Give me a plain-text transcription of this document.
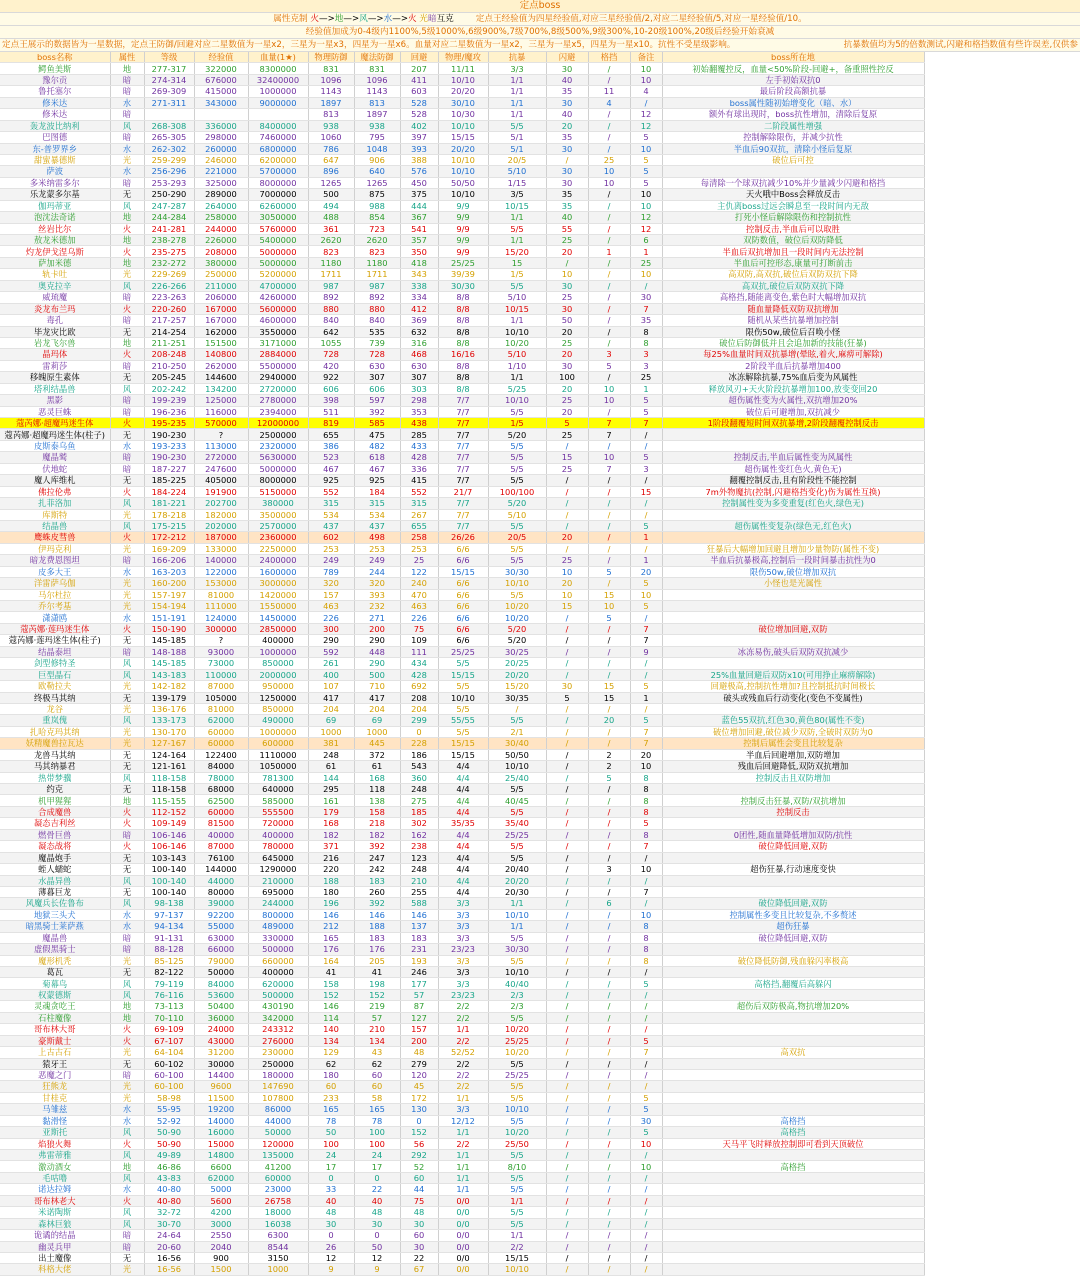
定点boss
属性克制 火—>地—>风—>水—>火 光暗互克	定点王经验值为四星经验值,对应三星经验值/2,对应二星经验值/5,对应一星经验值/10。
经验值加成为0-4级内1100%,5级1000%,6级900%,7级700%,8级500%,9级300%,10-20级100%,20级后经验开始衰减
定点王展示的数据皆为一星数据，定点王防御/回避对应二星数值为一星x2，三星为一星x3，四星为一星x6。血量对应二星数值为一星x2，三星为一星x5，四星为一星x10。抗性不受星级影响。	抗暴数值均为5的倍数测试,闪避和格挡数值有些许误差,仅供参
boss名称	属性	等级	经验值	血量(1★)	物理防御	魔法防御	回避	物理/魔攻	抗暴	闪避	格挡	备注	boss所在地
鳄鱼美斯	地	277-317	322000	8300000	831	831	207	11/11	3/3	30	/	10	初始翻覆控反，血量<50%阶段-回避+，备重照性控反
豫尔贡	暗	274-314	676000	32400000	1096	1096	411	10/10	1/1	40	/	10	左手初始双抗0
鲁托塞尔	暗	269-309	415000	1000000	1143	1143	603	20/20	1/1	35	11	4	最后阶段高额抗暴
修米达	水	271-311	343000	9000000	1897	813	528	30/10	1/1	30	4	/	boss属性随初始增变化（暗、水）
修米达	暗				813	1897	528	10/30	1/1	40	/	12	额外有球出现时，boss抗性增加，清除后复原
轰龙波比纳利	风	268-308	336000	8400000	938	938	402	10/10	5/5	20	/	12	二阶段属性增强
巴图德	暗	265-305	298000	7460000	1060	795	397	15/15	5/1	35	/	5	控制解除限伤，并减少抗性
东-普罗界乡	水	262-302	260000	6800000	786	1048	393	20/20	5/1	30	/	10	半血后90双抗，清除小怪后复原
甜蜜暴德斯	光	259-299	246000	6200000	647	906	388	10/10	20/5	/	25	5	破位后可控
萨波	水	256-296	221000	5700000	896	640	576	10/10	5/10	30	10	5	
多米纳雷多尔	暗	253-293	325000	8000000	1265	1265	450	50/50	1/15	30	10	5	每清除一个球双抗减少10%并少量减少闪避和格挡
乐龙蒙多尔基	无	250-290	289000	7000000	500	875	375	10/10	3/5	35	/	10	天火哦中Boss会释放反击
伽玛蒂亚	风	247-287	264000	6260000	494	988	444	9/9	10/15	35	/	10	主仇离boss过远会瞬息至一段时间内无敌
泡沈法奇诺	地	244-284	258000	3050000	488	854	367	9/9	1/1	40	/	12	打死小怪后解除限伤和控制抗性
丝岩比尔	火	241-281	244000	5760000	361	723	541	9/9	5/5	55	/	12	控制反击,半血后可以取胜
敖龙米德加	地	238-278	226000	5400000	2620	2620	357	9/9	1/1	25	/	6	双防数值，破位后双防降低
灼龙伊戈涅乌斯	火	235-275	208000	5000000	823	823	350	9/9	15/20	20	1	1	半血后双抗增加且一段时间内无法控制
萨加米德	地	232-272	380000	5000000	1180	1180	418	25/25	15	/	/	25	半血后可控形态,康量可打断前击
轨卡吐	光	229-269	250000	5200000	1711	1711	343	39/39	1/5	10	/	10	高双防,高双抗,破位后双防双抗下降
奥克拉辛	风	226-266	211000	4700000	987	987	338	30/30	5/5	30	/	/	高双抗,破位后双防双抗下降
威琉魔	暗	223-263	206000	4260000	892	892	334	8/8	5/10	25	/	30	高格挡,随能离变色,紫色时大幅增加双抗
炎龙布兰玛	火	220-260	167000	5600000	880	880	412	8/8	10/15	30	/	7	随血量降低双防双抗增加
毒孔	暗	217-257	167000	4600000	840	840	369	8/8	1/1	50	/	35	随机从某些抗暴增加控制
毕龙灾比欧	无	214-254	162000	3550000	642	535	632	8/8	10/10	20	/	8	限伤50w,破位后召唤小怪
岩龙飞尔兽	地	211-251	151500	3171000	1055	739	316	8/8	10/20	25	/	8	破位后防御低并且会追加新的技能(狂暴)
晶玛体	火	208-248	140800	2884000	728	728	468	16/16	5/10	20	3	3	每25%血量时间双抗暴增(晕眩,着火,麻痹可解除)
雷莉莎	暗	210-250	262000	5500000	420	630	630	8/8	1/10	30	5	3	2阶段半血后抗暴增加400
移魄原生素体	无	205-245	144600	2940000	922	307	307	8/8	1/1	100	/	25	冰冻解除抗暴,75%血后变为风属性
塔利结晶兽	风	202-242	134200	2720000	606	606	303	8/8	5/25	20	10	1	释放风刃+天火阶段抗暴增加100,放变变回20
黑影	暗	199-239	125000	2780000	398	597	298	7/7	10/10	25	10	5	超伤属性变为火属性,双抗增加20%
恶灵巨蛛	暗	196-236	116000	2394000	511	392	353	7/7	5/5	20	/	5	破位后可避增加,双抗减少
蔻芮娜·超魔玛迷生体	火	195-235	570000	12000000	819	585	438	7/7	1/5	5	7	7	1阶段翻覆短时间双抗暴增,2阶段翻覆控制反击
蔻芮娜·超魔玛迷生体(柱子)	无	190-230	?	2500000	655	475	285	7/7	5/20	25	7	/	
皮斯泰乌鱼	水	193-233	113000	2320000	386	482	433	7/7	5/5	/	/	/	
魔晶鹫	暗	190-230	272000	5630000	523	618	428	7/7	5/5	15	10	5	控制反击,半血后属性变为风属性
伏地蛇	暗	187-227	247600	5000000	467	467	336	7/7	5/5	25	7	3	超伤属性变红色火,黄色无)
魔人库维札	无	185-225	405000	8000000	925	925	415	7/7	5/5	/	/	/	翻覆控制反击,且有阶段性不能控制
佛拉伦弗	火	184-224	191900	5150000	552	184	552	21/7	100/100	/	/	15	7m外物魔抗(控制,闪避格挡变化)伤为属性互换)
扎菲洛加	风	181-221	202700	380000	315	315	315	7/7	5/20	/	/	/	控制属性变为多变重复(红色火,绿色无)
库斯特	光	178-218	182000	3500000	534	534	267	7/7	5/10	/	/	/	
结晶兽	风	175-215	202000	2570000	437	437	655	7/7	5/5	/	/	5	超伤属性变复杂(绿色无,红色火)
鹰蛛皮彗兽	火	172-212	187000	2360000	602	498	258	26/26	20/5	20	/	1	
伊玛克利	光	169-209	133000	2250000	253	253	253	6/6	5/5	/	/	/	狂暴后大幅增加回避且增加少量物防(属性不变)
暗龙费恩图坦	暗	166-206	140000	2400000	249	249	25	6/6	5/5	25	/	1	半血后抗暴极高,控制后一段时间暴击抗性为0
皮多大王	水	163-203	122000	1600000	789	244	122	15/15	30/30	10	5	20	限伤50w,破位增加双抗
洋雷萨乌伽	光	160-200	153000	3000000	320	320	240	6/6	10/10	20	/	5	小怪也是光属性
马尔杜拉	光	157-197	81000	1420000	157	393	470	6/6	5/5	10	15	10	
乔尔考基	光	154-194	111000	1550000	463	232	463	6/6	10/20	15	10	5	
潇潇鸥	水	151-191	124000	1450000	226	271	226	6/6	10/20	/	5	/	
蔻芮娜·莲玛迷生体	火	150-190	300000	2850000	300	200	75	6/6	5/20	/	/	7	破位增加回避,双防
蔻芮娜·莲玛迷生体(柱子)	无	145-185	?	400000	290	290	109	6/6	5/20	/	/	7	
结晶泰坦	暗	148-188	93000	1000000	592	448	111	25/25	30/25	/	/	9	冰冻易伤,破头后双防双抗减少
剑型修特圣	风	145-185	73000	850000	261	290	434	5/5	20/25	/	/	/	
巨型晶石	风	143-183	110000	2000000	400	500	428	15/15	20/20	/	/	/	25%血量回避后双防x10(可用挣止麻痹解除)
欧勒拉夫	光	142-182	87000	950000	107	710	692	5/5	15/20	30	15	5	回避极高,控制抗性增加?且控制抵抗时间极长
终极马其纳	无	139-179	105000	1250000	417	417	208	10/10	30/35	5	15	1	破头或残血后行动变化(变色不变属性)
龙谷	光	136-176	81000	850000	204	204	204	5/5	/	/	/	/	
重岚傀	风	133-173	62000	490000	69	69	299	55/55	5/5	/	20	5	蓝色55双抗,红色30,黄色80(属性不变)
扎哈克玛其纳	光	130-170	60000	1000000	1000	1000	0	5/5	2/1	/	/	7	破位增加回避,破位减少双防,全破时双防为0
妖精魔兽拉瓦达	光	127-167	60000	600000	381	445	228	15/15	30/40	/	/	7	控制后属性会变且比较复杂
龙兽马其纳	无	124-164	122400	1110000	248	372	186	15/15	50/50	/	2	20	半血后回避增加,双防增加
马其纳暴君	无	121-161	84000	1050000	61	61	543	4/4	10/10	/	2	10	残血后回避降低,双防双抗增加
热带梦骥	风	118-158	78000	781300	144	168	360	4/4	25/40	/	5	8	控制反击且双防增加
约克	无	118-158	68000	640000	295	118	248	4/4	5/5	/	/	8	
机甲猩猩	地	115-155	62500	585000	161	138	275	4/4	40/45	/	/	8	控制反击狂暴,双防/双抗增加
合成魔兽	火	112-152	60000	555500	179	158	185	4/4	5/5	/	/	8	控制反击
凝态吉利丝	火	109-149	81500	720000	168	218	302	35/35	35/40	/	/	5	
燃骨巨兽	暗	106-146	40000	400000	182	182	162	4/4	25/25	/	/	8	0团性,随血量降低增加双防/抗性
凝态战将	火	106-146	87000	780000	371	392	238	4/4	5/5	/	/	7	破位降低回避,双防
魔晶炮手	无	103-143	76100	645000	216	247	123	4/4	5/5	/	/	/	
蛭人蠕蛇	无	100-140	144000	1290000	220	242	248	4/4	20/40	/	3	10	超伤狂暴,行动速度变快
水晶异兽	风	100-140	44000	210000	188	183	210	4/4	20/20	/	/	/	
薄暮巨龙	无	100-140	80000	695000	180	260	255	4/4	20/30	/	/	7	
风魔兵长佐鲁布	风	98-138	39000	244000	196	392	588	3/3	1/1	/	6	/	破位降低回避,双防
地狱三头犬	水	97-137	92200	800000	146	146	146	3/3	10/10	/	/	10	控制属性多变且比较复杂,不多赘述
暗黑骑士莱萨燕	水	94-134	55000	489000	212	188	137	3/3	1/1	/	/	8	超伤狂暴
魔晶兽	暗	91-131	63000	330000	165	183	183	3/3	5/5	/	/	8	破位降低回避,双防
虚假黑骑士	暗	88-128	66000	500000	176	176	231	23/23	30/30	/	/	8	
魔形机秃	光	85-125	79000	660000	164	205	193	3/3	5/5	/	/	8	破位降低防御,残血躲闪率极高
葛瓦	无	82-122	50000	400000	41	41	246	3/3	10/10	/	/	/	
菊幕鸟	风	79-119	84000	620000	158	198	177	3/3	40/40	/	/	5	高格挡,翻覆后高躲闪
权蒙德斯	风	76-116	53600	500000	152	152	57	23/23	2/3	/	/	/	
灵魂贪吃王	地	73-113	50400	430190	146	219	87	2/2	2/3	/	/	/	超伤后双防极高,物抗增加20%
石柱魔像	地	70-110	36000	342000	114	57	127	2/2	5/5	/	/	/	
哥布林大哥	火	69-109	24000	243312	140	210	157	1/1	10/20	/	/	/	
豪斯戴士	火	67-107	43000	276000	134	134	200	2/2	25/25	/	/	5	
上古古石	光	64-104	31200	230000	129	43	48	52/52	10/20	/	/	7	高双抗
猿牙王	无	60-102	30000	250000	62	62	279	2/2	5/5	/	/	/	
恶魔之门	暗	60-100	14400	180000	180	60	120	2/2	25/25	/	/	/	
狂熊龙	光	60-100	9600	147690	60	60	45	2/2	5/5	/	/	/	
甘桂克	光	58-98	11500	107800	233	58	172	1/1	5/5	/	/	5	
马雏兹	水	55-95	19200	86000	165	165	130	3/3	10/10	/	/	5	
黏滑怪	水	52-92	14000	44000	78	78	0	12/12	5/5	/	/	30	高格挡
亚斯托	风	50-90	16000	50000	50	100	152	1/1	10/20	/	/	5	高格挡
焰狼火舞	火	50-90	15000	120000	100	100	56	2/2	25/50	/	/	10	天马平飞时释放控制即可看到天顶破位
弗雷蒂雅	风	49-89	14800	135000	24	24	292	1/1	5/5	/	/	/	
激动酒女	地	46-86	6600	41200	17	17	52	1/1	8/10	/	/	10	高格挡
毛咕噜	风	43-83	62000	60000	0	0	60	1/1	5/5	/	/	/	
诺达拉姆	水	40-80	5000	23000	33	22	44	1/1	5/5	/	/	/	
哥布林老大	火	40-80	5600	26758	40	40	75	0/0	1/1	/	/	/	
米诺陶斯	风	32-72	4200	18000	48	48	48	0/0	5/5	/	/	/	
森林巨狼	风	30-70	3000	16038	30	30	30	0/0	5/5	/	/	/	
诡谲的结晶	暗	24-64	2550	6300	0	0	60	0/0	1/1	/	/	/	
幽灵兵甲	暗	20-60	2040	8544	26	50	30	0/0	2/2	/	/	/	
出土魔像	无	16-56	900	3150	12	12	22	0/0	15/15	/	/	/	
科格大佬	光	16-56	1500	1000	9	9	67	0/0	10/10	/	/	/	
